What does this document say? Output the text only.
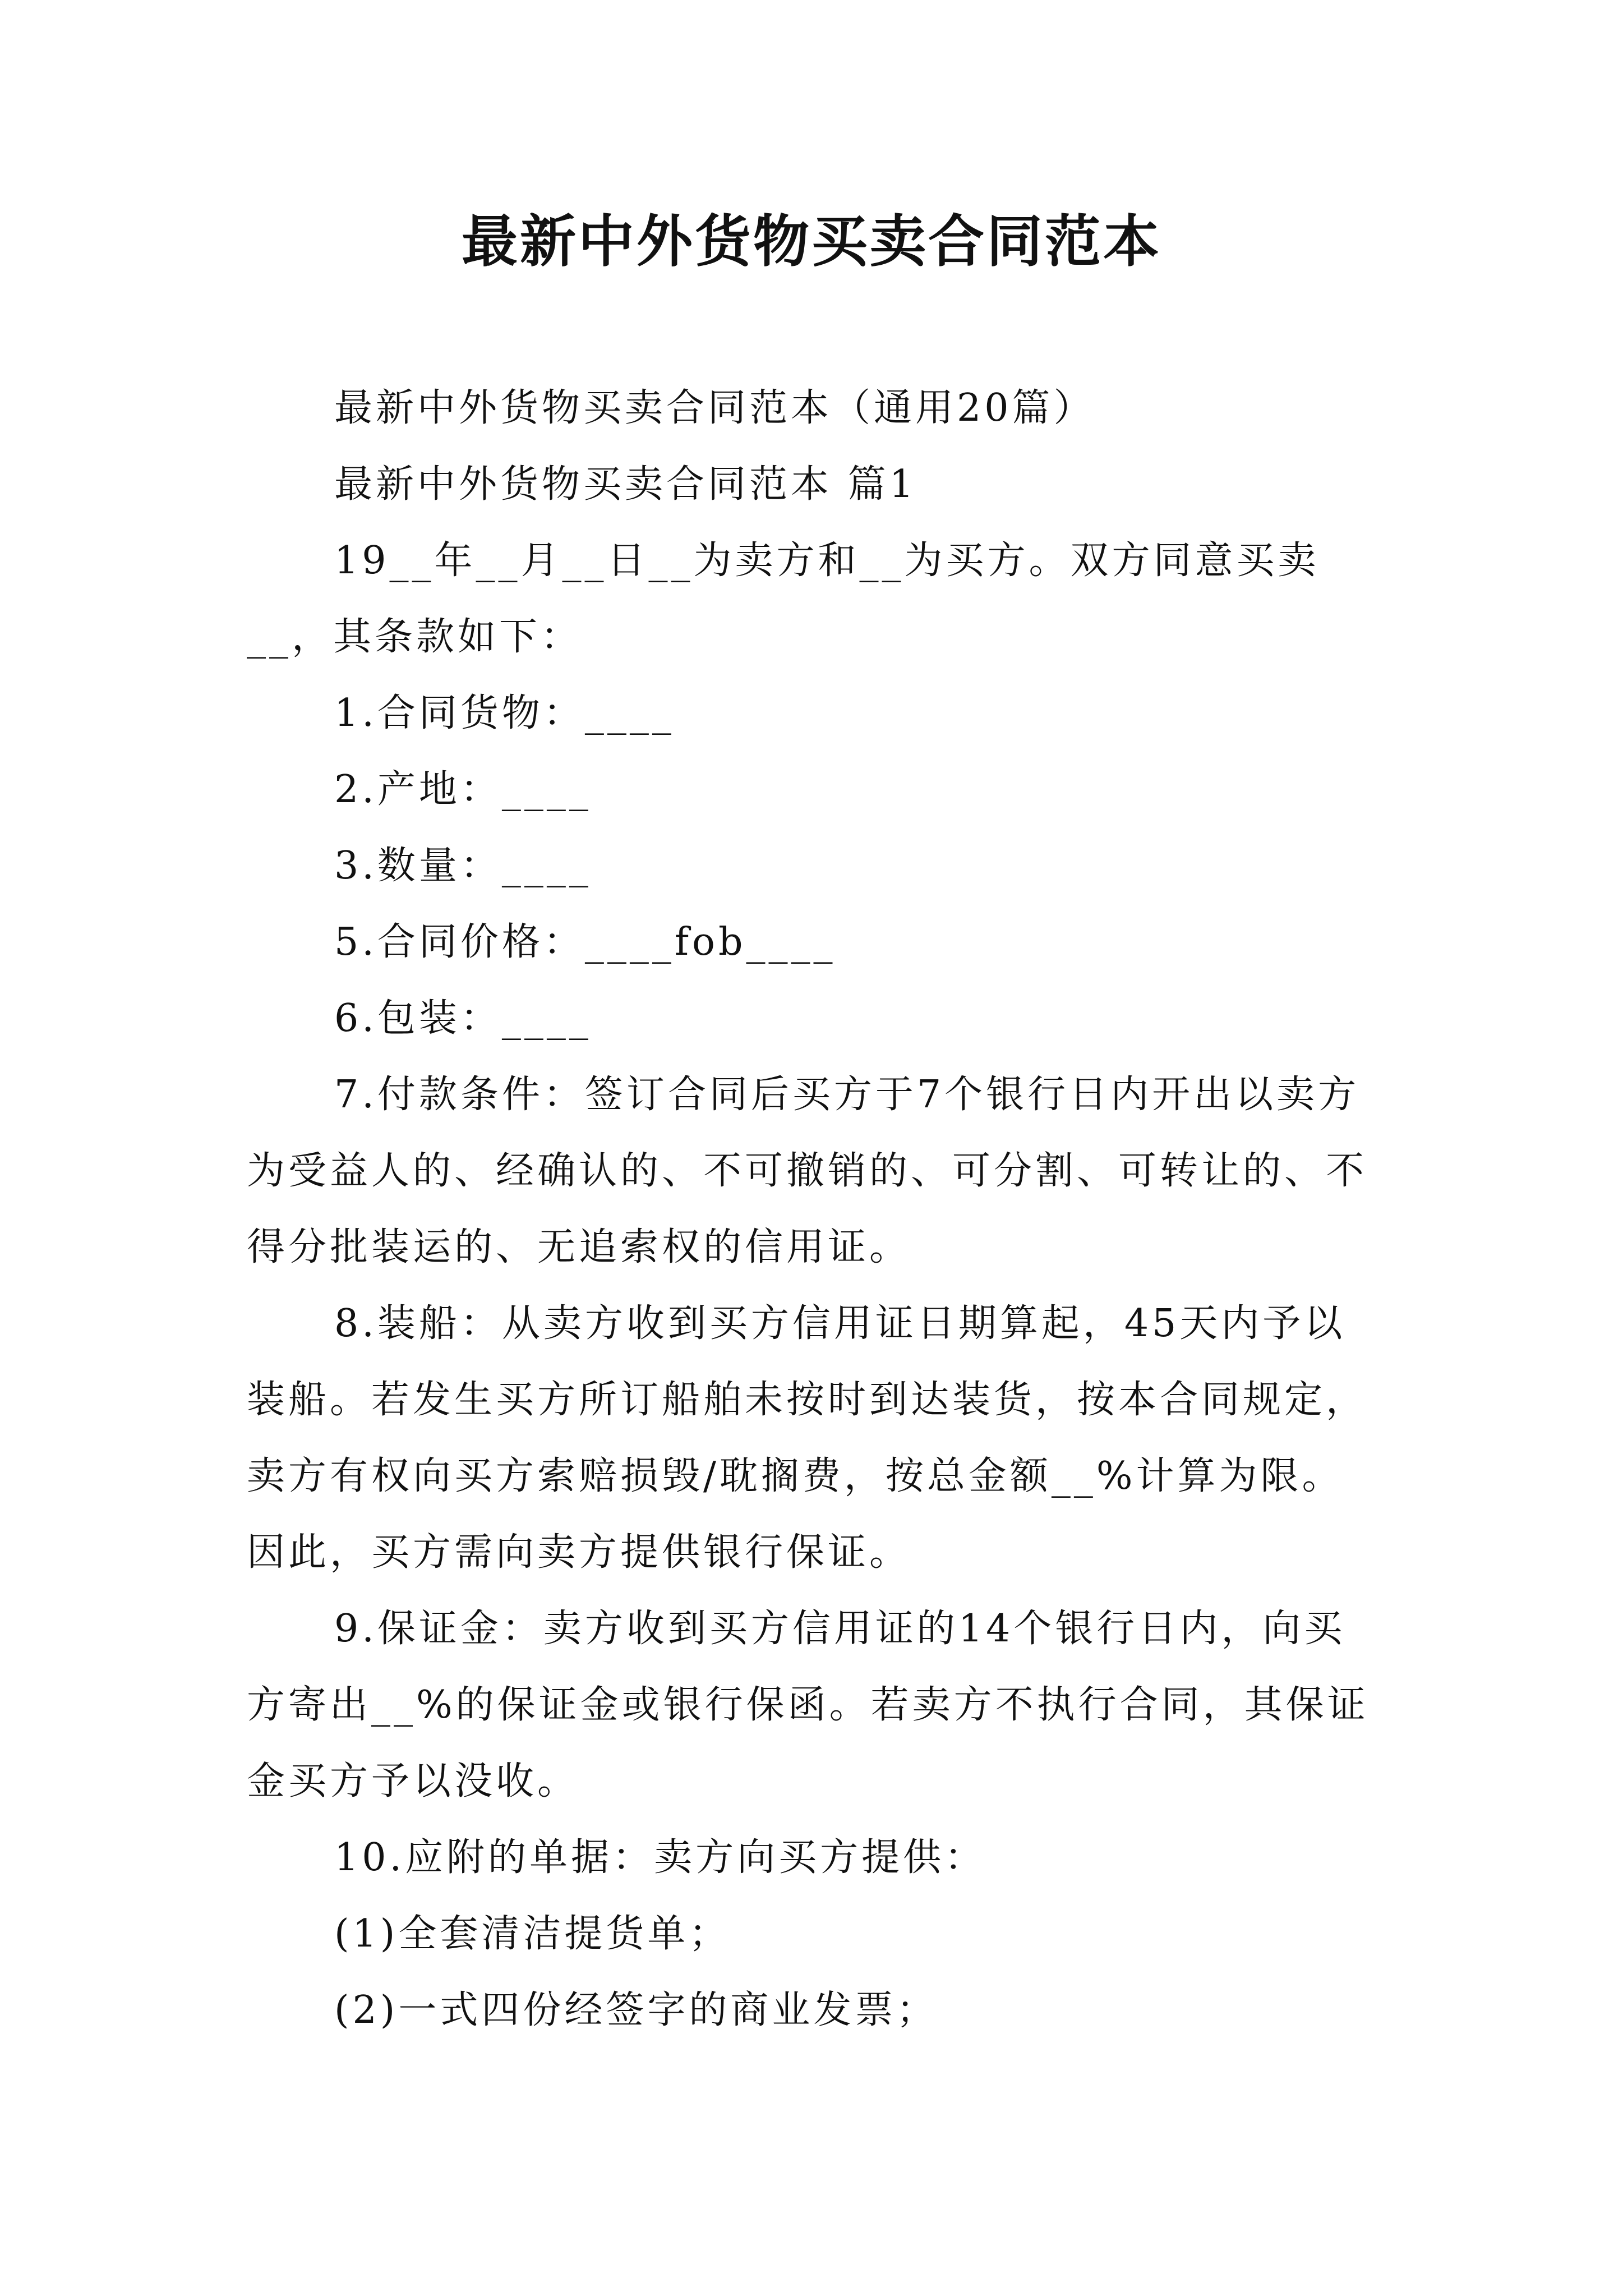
最新中外货物买卖合同范本

最新中外货物买卖合同范本（通用20篇）

最新中外货物买卖合同范本 篇1

19__年__月__日__为卖方和__为买方。双方同意买卖__，其条款如下：

1.合同货物：____

2.产地：____

3.数量：____

5.合同价格：____fob____

6.包装：____

7.付款条件：签订合同后买方于7个银行日内开出以卖方为受益人的、经确认的、不可撤销的、可分割、可转让的、不得分批装运的、无追索权的信用证。

8.装船：从卖方收到买方信用证日期算起，45天内予以装船。若发生买方所订船舶未按时到达装货，按本合同规定，卖方有权向买方索赔损毁/耽搁费，按总金额__%计算为限。因此，买方需向卖方提供银行保证。

9.保证金：卖方收到买方信用证的14个银行日内，向买方寄出__%的保证金或银行保函。若卖方不执行合同，其保证金买方予以没收。

10.应附的单据：卖方向买方提供：

(1)全套清洁提货单；

(2)一式四份经签字的商业发票；
